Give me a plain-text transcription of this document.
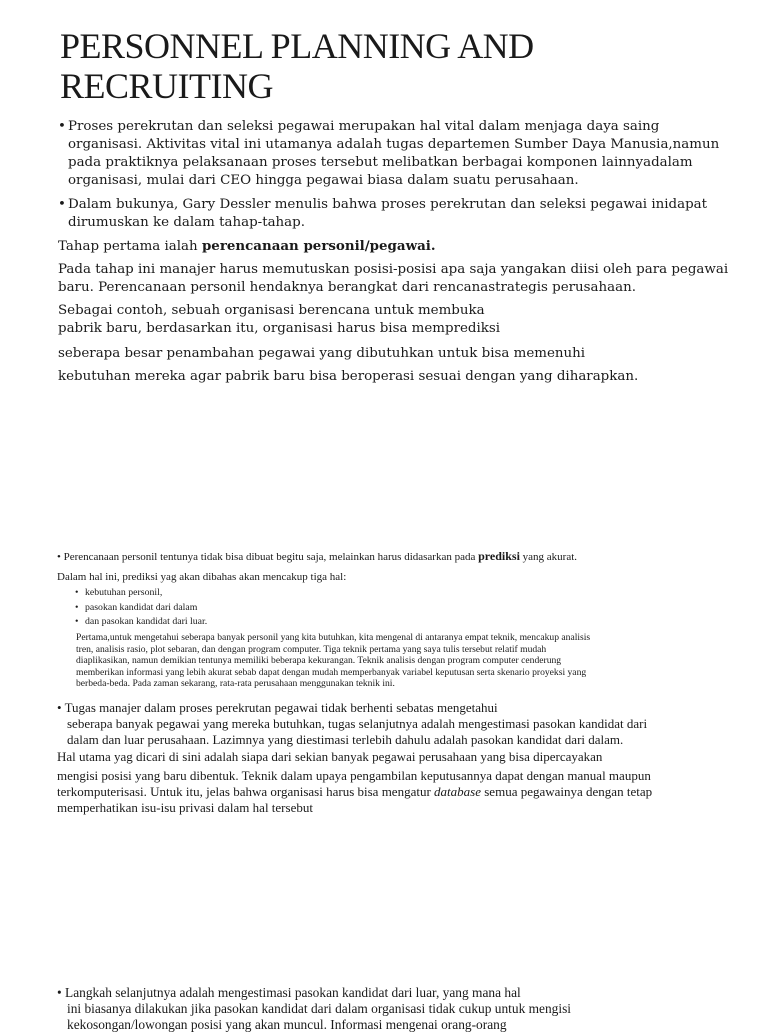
PERSONNEL PLANNING AND RECRUITING
• Proses perekrutan dan seleksi pegawai merupakan hal vital dalam menjaga daya saing

organisasi. Aktivitas vital ini utamanya adalah tugas departemen Sumber Daya Manusia,namun

pada praktiknya pelaksanaan proses tersebut melibatkan berbagai komponen lainnyadalam

organisasi, mulai dari CEO hingga pegawai biasa dalam suatu perusahaan.

• Dalam bukunya, Gary Dessler menulis bahwa proses perekrutan dan seleksi pegawai inidapat

dirumuskan ke dalam tahap-tahap.

Tahap pertama ialah perencanaan personil/pegawai.

Pada tahap ini manajer harus memutuskan posisi-posisi apa saja yangakan diisi oleh para pegawai

baru. Perencanaan personil hendaknya berangkat dari rencanastrategis perusahaan.

Sebagai contoh, sebuah organisasi berencana untuk membuka

pabrik baru, berdasarkan itu, organisasi harus bisa memprediksi

seberapa besar penambahan pegawai yang dibutuhkan untuk bisa memenuhi

kebutuhan mereka agar pabrik baru bisa beroperasi sesuai dengan yang diharapkan.

• Perencanaan personil tentunya tidak bisa dibuat begitu saja, melainkan harus didasarkan pada prediksi yang akurat.

Dalam hal ini, prediksi yag akan dibahas akan mencakup tiga hal:

• kebutuhan personil,
• pasokan kandidat dari dalam
• dan pasokan kandidat dari luar.

Pertama,untuk mengetahui seberapa banyak personil yang kita butuhkan, kita mengenal di antaranya empat teknik, mencakup analisis

tren, analisis rasio, plot sebaran, dan dengan program computer. Tiga teknik pertama yang saya tulis tersebut relatif mudah

diaplikasikan, namun demikian tentunya memiliki beberapa kekurangan. Teknik analisis dengan program computer cenderung

memberikan informasi yang lebih akurat sebab dapat dengan mudah memperbanyak variabel keputusan serta skenario proyeksi yang

berbeda-beda. Pada zaman sekarang, rata-rata perusahaan menggunakan teknik ini.

• Tugas manajer dalam proses perekrutan pegawai tidak berhenti sebatas mengetahui

seberapa banyak pegawai yang mereka butuhkan, tugas selanjutnya adalah mengestimasi pasokan kandidat dari

dalam dan luar perusahaan. Lazimnya yang diestimasi terlebih dahulu adalah pasokan kandidat dari dalam.

Hal utama yag dicari di sini adalah siapa dari sekian banyak pegawai perusahaan yang bisa dipercayakan

mengisi posisi yang baru dibentuk. Teknik dalam upaya pengambilan keputusannya dapat dengan manual maupun

terkomputerisasi. Untuk itu, jelas bahwa organisasi harus bisa mengatur database semua pegawainya dengan tetap

memperhatikan isu-isu privasi dalam hal tersebut

• Langkah selanjutnya adalah mengestimasi pasokan kandidat dari luar, yang mana hal

ini biasanya dilakukan jika pasokan kandidat dari dalam organisasi tidak cukup untuk mengisi

kekosongan/lowongan posisi yang akan muncul. Informasi mengenai orang-orang
